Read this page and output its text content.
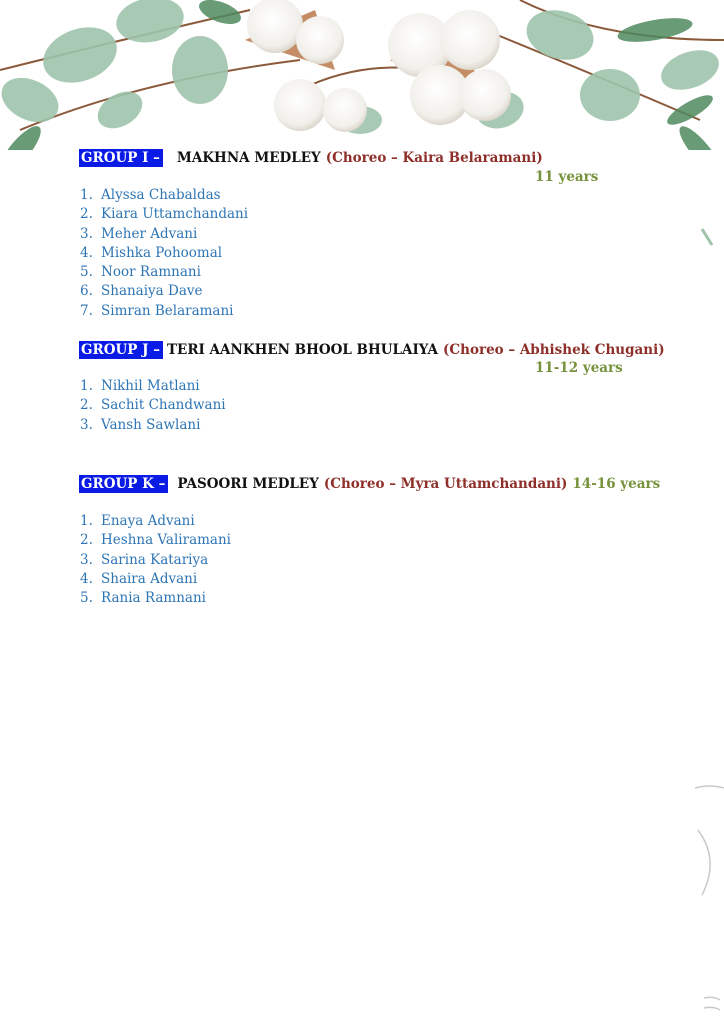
GROUP I – MAKHNA MEDLEY (Choreo – Kaira Belaramani)
11 years
1. Alyssa Chabaldas
2. Kiara Uttamchandani
3. Meher Advani
4. Mishka Pohoomal
5. Noor Ramnani
6. Shanaiya Dave
7. Simran Belaramani
GROUP J – TERI AANKHEN BHOOL BHULAIYA (Choreo – Abhishek Chugani)
11-12 years
1. Nikhil Matlani
2. Sachit Chandwani
3. Vansh Sawlani
GROUP K – PASOORI MEDLEY (Choreo – Myra Uttamchandani) 14-16 years
1. Enaya Advani
2. Heshna Valiramani
3. Sarina Katariya
4. Shaira Advani
5. Rania Ramnani
